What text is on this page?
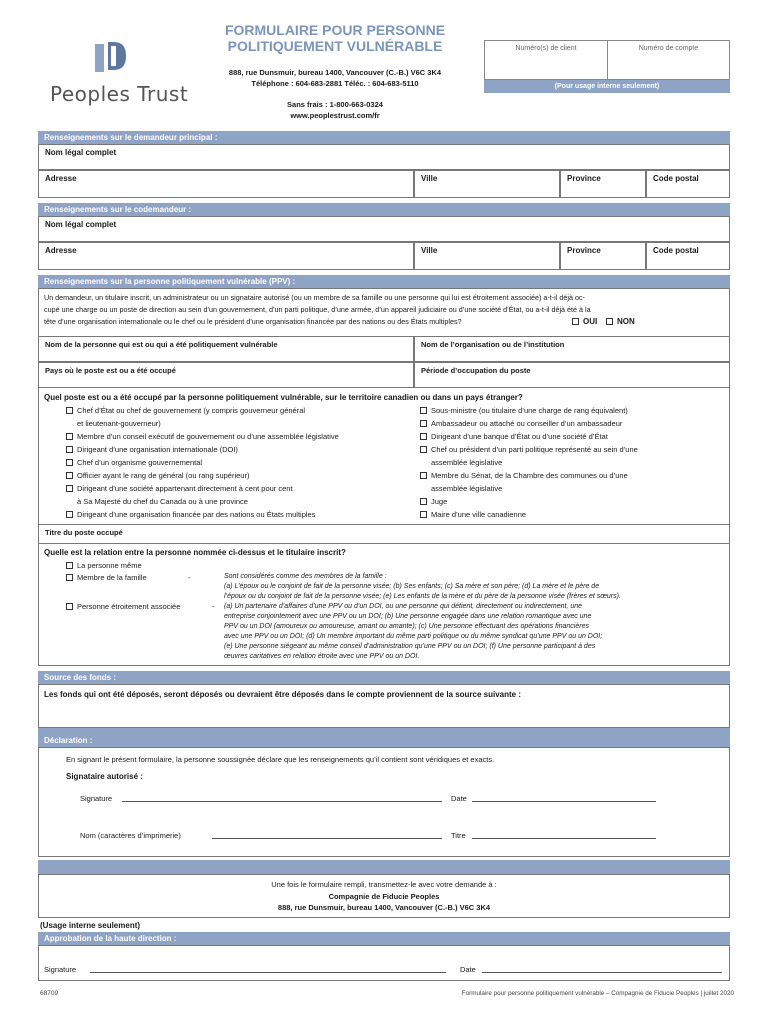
Peoples Trust
FORMULAIRE POUR PERSONNE
POLITIQUEMENT VULNÉRABLE
888, rue Dunsmuir, bureau 1400, Vancouver (C.-B.) V6C 3K4
Téléphone : 604-683-2881 Téléc. : 604-683-5110
Sans frais : 1-800-663-0324
www.peoplestrust.com/fr
Numéro(s) de client	Numéro de compte
(Pour usage interne seulement)
Renseignements sur le demandeur principal :
Nom légal complet
Adresse	Ville	Province	Code postal
Renseignements sur le codemandeur :
Nom légal complet
Adresse	Ville	Province	Code postal
Renseignements sur la personne politiquement vulnérable (PPV) :
Un demandeur, un titulaire inscrit, un administrateur ou un signataire autorisé (ou un membre de sa famille ou une personne qui lui est étroitement associée) a-t-il déjà oc-
cupé une charge ou un poste de direction au sein d’un gouvernement, d’un parti politique, d’une armée, d’un appareil judiciaire ou d’une société d’État, ou a-t-il déjà été à la
tête d’une organisation internationale ou le chef ou le président d’une organisation financée par des nations ou des États multiples?	OUI	NON
Nom de la personne qui est ou qui a été politiquement vulnérable	Nom de l’organisation ou de l’institution
Pays où le poste est ou a été occupé	Période d’occupation du poste
Quel poste est ou a été occupé par la personne politiquement vulnérable, sur le territoire canadien ou dans un pays étranger?
Chef d’État ou chef de gouvernement (y compris gouverneur général
et lieutenant-gouverneur)
Membre d’un conseil exécutif de gouvernement ou d’une assemblée législative
Dirigeant d’une organisation internationale (DOI)
Chef d’un organisme gouvernemental
Officier ayant le rang de général (ou rang supérieur)
Dirigeant d’une société appartenant directement à cent pour cent
à Sa Majesté du chef du Canada ou à une province
Dirigeant d’une organisation financée par des nations ou États multiples
Sous-ministre (ou titulaire d’une charge de rang équivalent)
Ambassadeur ou attaché ou conseiller d’un ambassadeur
Dirigeant d’une banque d’État ou d’une société d’État
Chef ou président d’un parti politique représenté au sein d’une
assemblée législative
Membre du Sénat, de la Chambre des communes ou d’une
assemblée législative
Juge
Maire d’une ville canadienne
Titre du poste occupé
Quelle est la relation entre la personne nommée ci-dessus et le titulaire inscrit?
La personne même
Membre de la famille	-
Personne étroitement associée	-
Sont considérés comme des membres de la famille :
(a) L’époux ou le conjoint de fait de la personne visée; (b) Ses enfants; (c) Sa mère et son père; (d) La mère et le père de
l’époux ou du conjoint de fait de la personne visée; (e) Les enfants de la mère et du père de la personne visée (frères et sœurs).
(a) Un partenaire d’affaires d’une PPV ou d’un DOI, ou une personne qui détient, directement ou indirectement, une
entreprise conjointement avec une PPV ou un DOI; (b) Une personne engagée dans une relation romantique avec une
PPV ou un DOI (amoureux ou amoureuse, amant ou amante); (c) Une personne effectuant des opérations financières
avec une PPV ou un DOI; (d) Un membre important du même parti politique ou du même syndicat qu’une PPV ou un DOI;
(e) Une personne siégeant au même conseil d’administration qu’une PPV ou un DOI; (f) Une personne participant à des
œuvres caritatives en relation étroite avec une PPV ou un DOI.
Source des fonds :
Les fonds qui ont été déposés, seront déposés ou devraient être déposés dans le compte proviennent de la source suivante :
Déclaration :
En signant le présent formulaire, la personne soussignée déclare que les renseignements qu’il contient sont véridiques et exacts.
Signataire autorisé :
Signature	Date
Nom (caractères d’imprimerie)	Titre
Une fois le formulaire rempli, transmettez-le avec votre demande à :
Compagnie de Fiducie Peoples
888, rue Dunsmuir, bureau 1400, Vancouver (C.-B.) V6C 3K4
(Usage interne seulement)
Approbation de la haute direction :
Signature	Date
68709	Formulaire pour personne politiquement vulnérable – Compagnie de Fiducie Peoples | juillet 2020
